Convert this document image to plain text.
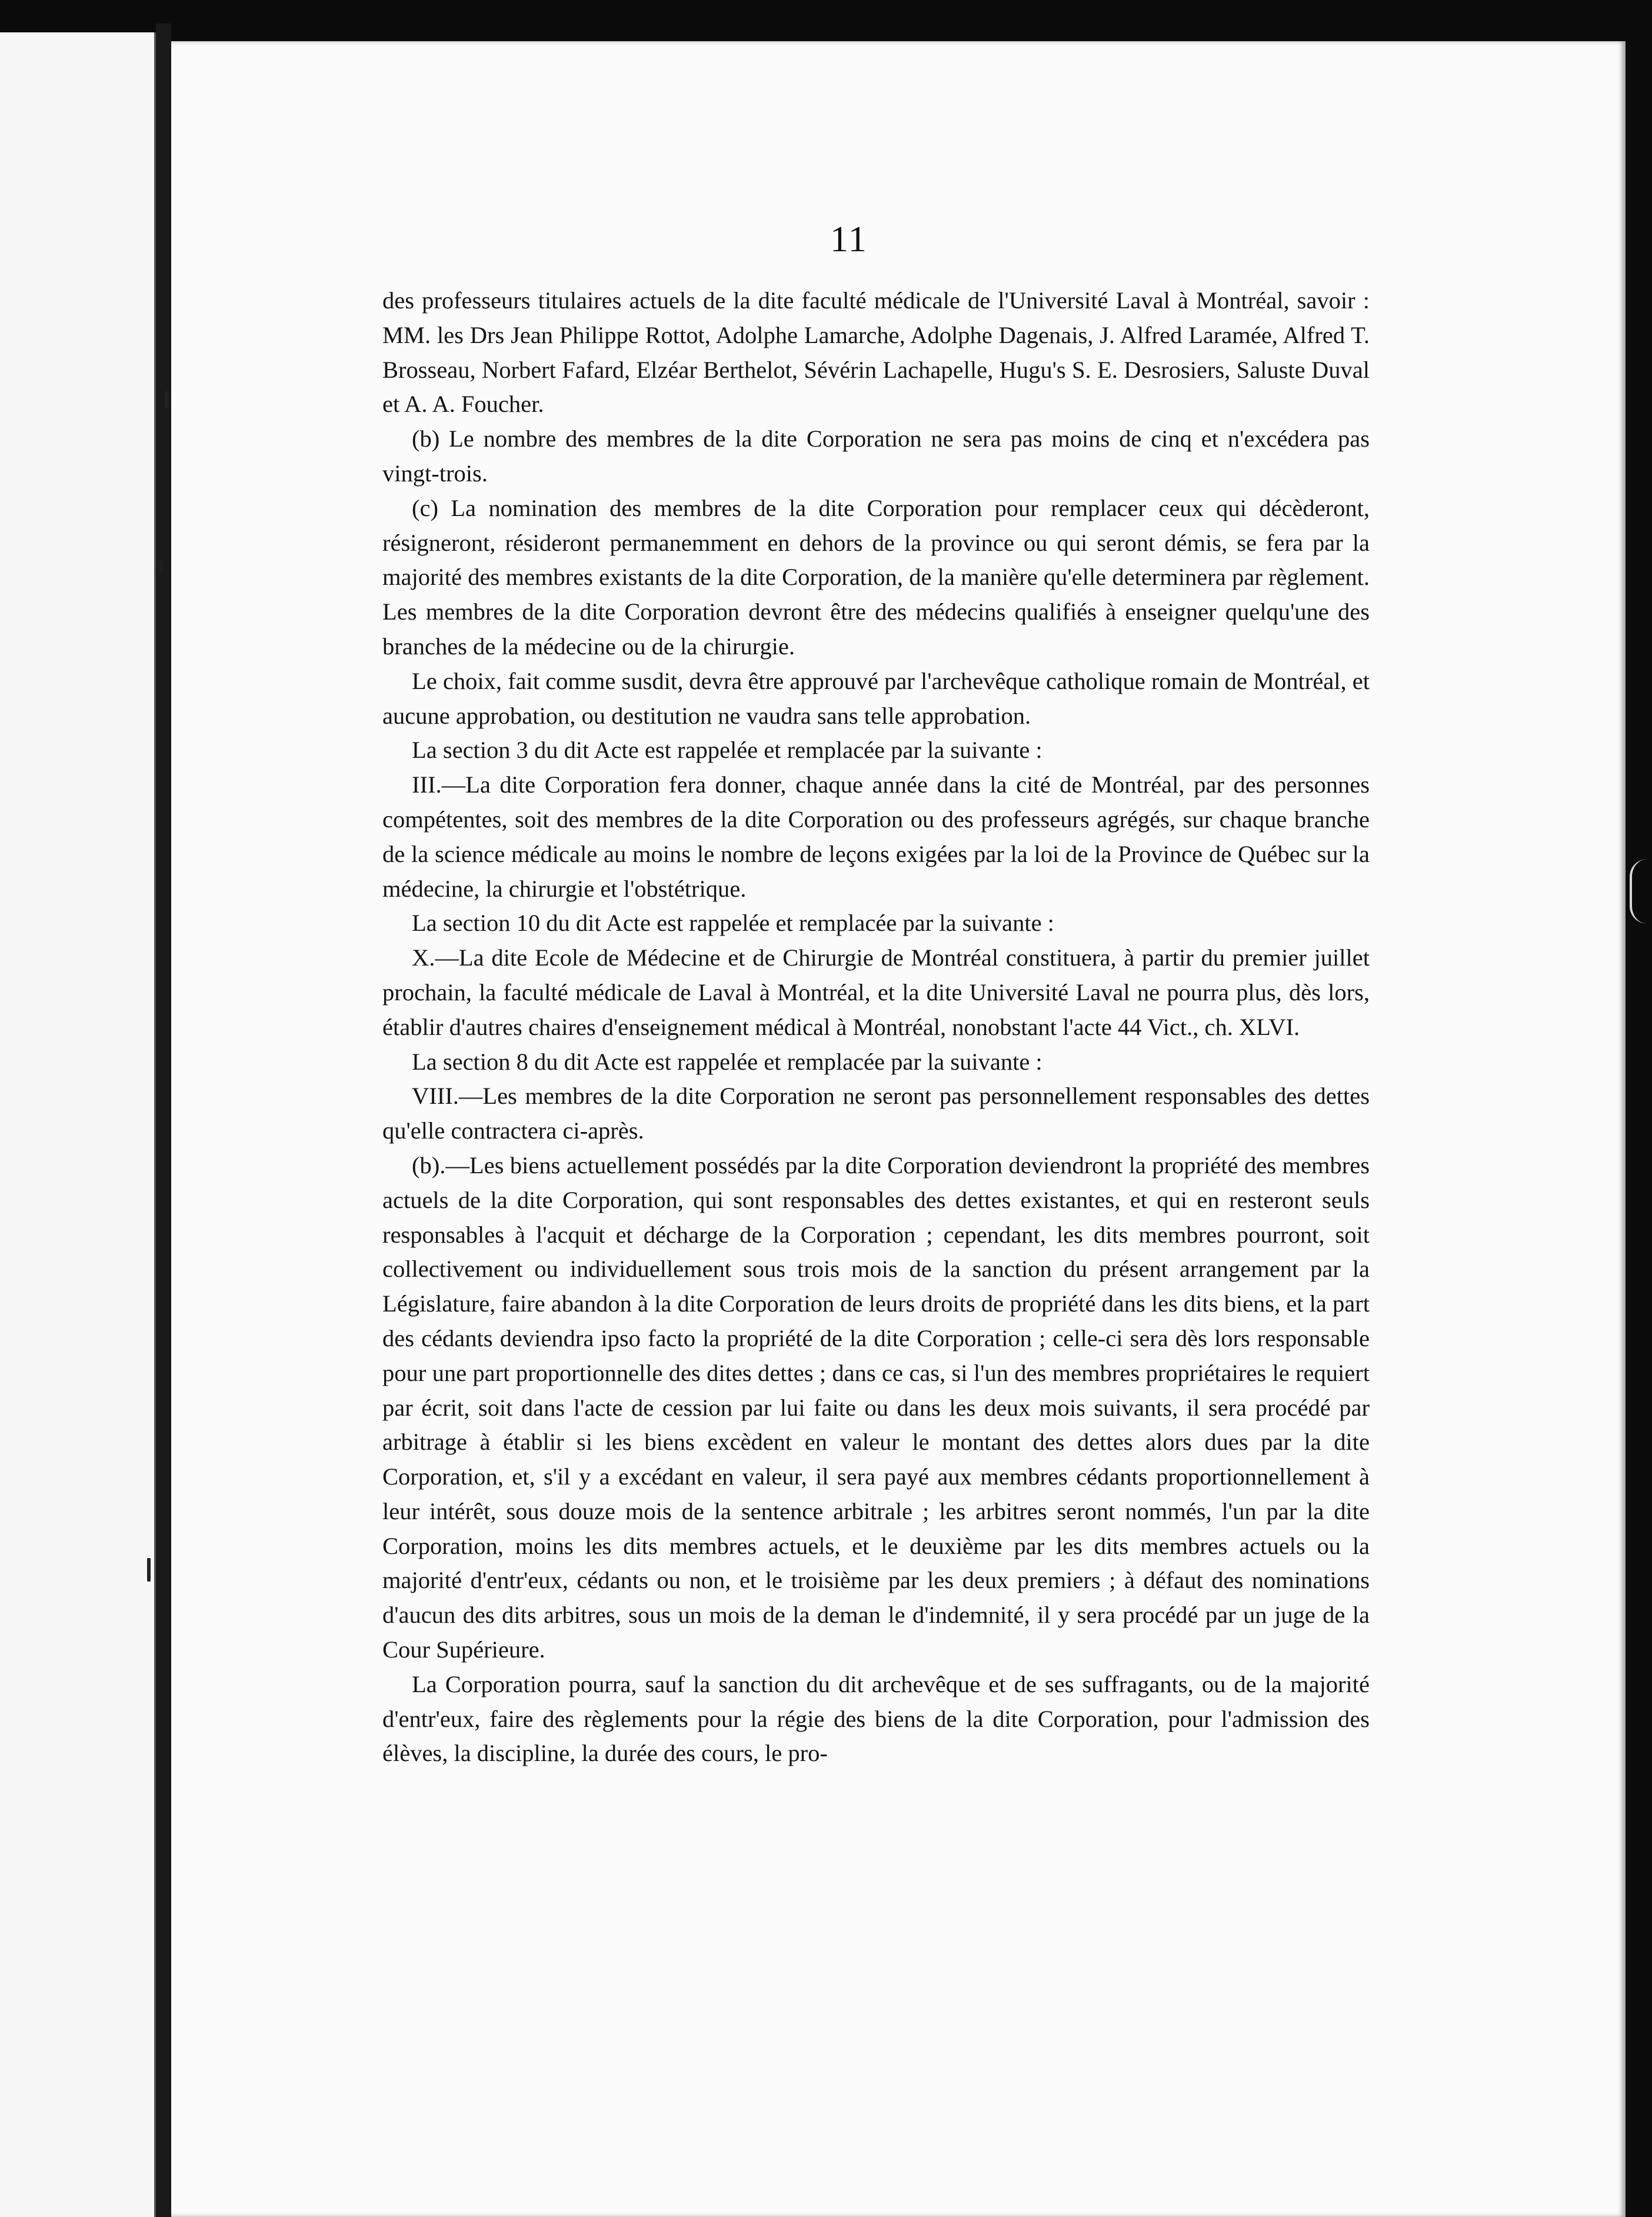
11

des professeurs titulaires actuels de la dite faculté médicale de l'Université Laval à Montréal, savoir : MM. les Drs Jean Philippe Rottot, Adolphe Lamarche, Adolphe Dagenais, J. Alfred Laramée, Alfred T. Brosseau, Norbert Fafard, Elzéar Berthelot, Sévérin Lachapelle, Hugu's S. E. Desrosiers, Saluste Duval et A. A. Foucher.

(b) Le nombre des membres de la dite Corporation ne sera pas moins de cinq et n'excédera pas vingt-trois.

(c) La nomination des membres de la dite Corporation pour remplacer ceux qui décèderont, résigneront, résideront permanemment en dehors de la province ou qui seront démis, se fera par la majorité des membres existants de la dite Corporation, de la manière qu'elle determinera par règlement. Les membres de la dite Corporation devront être des médecins qualifiés à enseigner quelqu'une des branches de la médecine ou de la chirurgie.

Le choix, fait comme susdit, devra être approuvé par l'archevêque catholique romain de Montréal, et aucune approbation, ou destitution ne vaudra sans telle approbation.

La section 3 du dit Acte est rappelée et remplacée par la suivante :

III.—La dite Corporation fera donner, chaque année dans la cité de Montréal, par des personnes compétentes, soit des membres de la dite Corporation ou des professeurs agrégés, sur chaque branche de la science médicale au moins le nombre de leçons exigées par la loi de la Province de Québec sur la médecine, la chirurgie et l'obstétrique.

La section 10 du dit Acte est rappelée et remplacée par la suivante :

X.—La dite Ecole de Médecine et de Chirurgie de Montréal constituera, à partir du premier juillet prochain, la faculté médicale de Laval à Montréal, et la dite Université Laval ne pourra plus, dès lors, établir d'autres chaires d'enseignement médical à Montréal, nonobstant l'acte 44 Vict., ch. XLVI.

La section 8 du dit Acte est rappelée et remplacée par la suivante :

VIII.—Les membres de la dite Corporation ne seront pas personnellement responsables des dettes qu'elle contractera ci-après.

(b).—Les biens actuellement possédés par la dite Corporation deviendront la propriété des membres actuels de la dite Corporation, qui sont responsables des dettes existantes, et qui en resteront seuls responsables à l'acquit et décharge de la Corporation ; cependant, les dits membres pourront, soit collectivement ou individuellement sous trois mois de la sanction du présent arrangement par la Législature, faire abandon à la dite Corporation de leurs droits de propriété dans les dits biens, et la part des cédants deviendra ipso facto la propriété de la dite Corporation ; celle-ci sera dès lors responsable pour une part proportionnelle des dites dettes ; dans ce cas, si l'un des membres propriétaires le requiert par écrit, soit dans l'acte de cession par lui faite ou dans les deux mois suivants, il sera procédé par arbitrage à établir si les biens excèdent en valeur le montant des dettes alors dues par la dite Corporation, et, s'il y a excédant en valeur, il sera payé aux membres cédants proportionnellement à leur intérêt, sous douze mois de la sentence arbitrale ; les arbitres seront nommés, l'un par la dite Corporation, moins les dits membres actuels, et le deuxième par les dits membres actuels ou la majorité d'entr'eux, cédants ou non, et le troisième par les deux premiers ; à défaut des nominations d'aucun des dits arbitres, sous un mois de la deman le d'indemnité, il y sera procédé par un juge de la Cour Supérieure.

La Corporation pourra, sauf la sanction du dit archevêque et de ses suffragants, ou de la majorité d'entr'eux, faire des règlements pour la régie des biens de la dite Corporation, pour l'admission des élèves, la discipline, la durée des cours, le pro-
